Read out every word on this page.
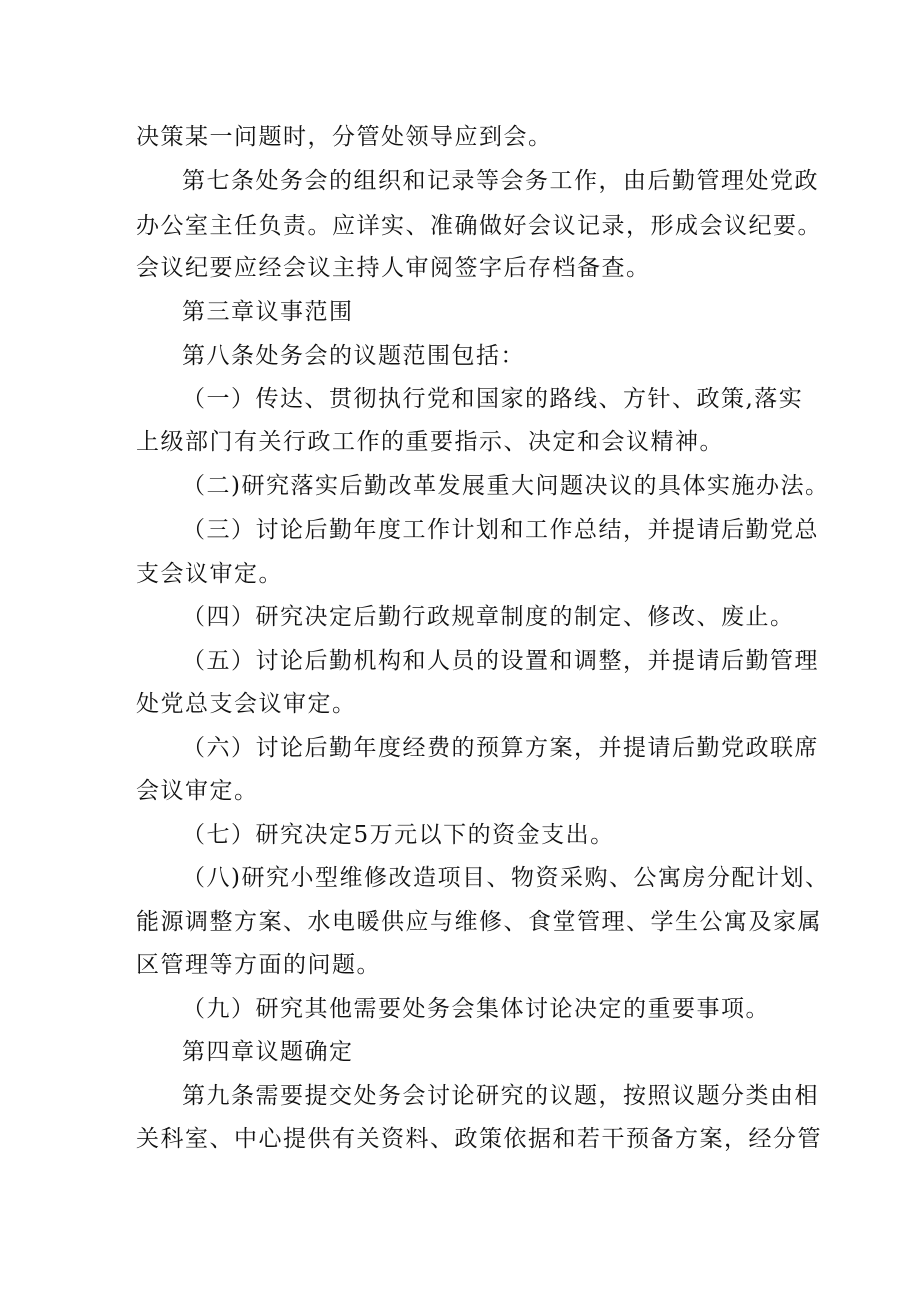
决策某一问题时，分管处领导应到会。
第七条处务会的组织和记录等会务工作，由后勤管理处党政
办公室主任负责。应详实、准确做好会议记录，形成会议纪要。
会议纪要应经会议主持人审阅签字后存档备查。
第三章议事范围
第八条处务会的议题范围包括：
（一）传达、贯彻执行党和国家的路线、方针、政策,落实
上级部门有关行政工作的重要指示、决定和会议精神。
（二)研究落实后勤改革发展重大问题决议的具体实施办法。
（三）讨论后勤年度工作计划和工作总结，并提请后勤党总
支会议审定。
（四）研究决定后勤行政规章制度的制定、修改、废止。
（五）讨论后勤机构和人员的设置和调整，并提请后勤管理
处党总支会议审定。
（六）讨论后勤年度经费的预算方案，并提请后勤党政联席
会议审定。
（七）研究决定5万元以下的资金支出。
（八)研究小型维修改造项目、物资采购、公寓房分配计划、
能源调整方案、水电暖供应与维修、食堂管理、学生公寓及家属
区管理等方面的问题。
（九）研究其他需要处务会集体讨论决定的重要事项。
第四章议题确定
第九条需要提交处务会讨论研究的议题，按照议题分类由相
关科室、中心提供有关资料、政策依据和若干预备方案，经分管
